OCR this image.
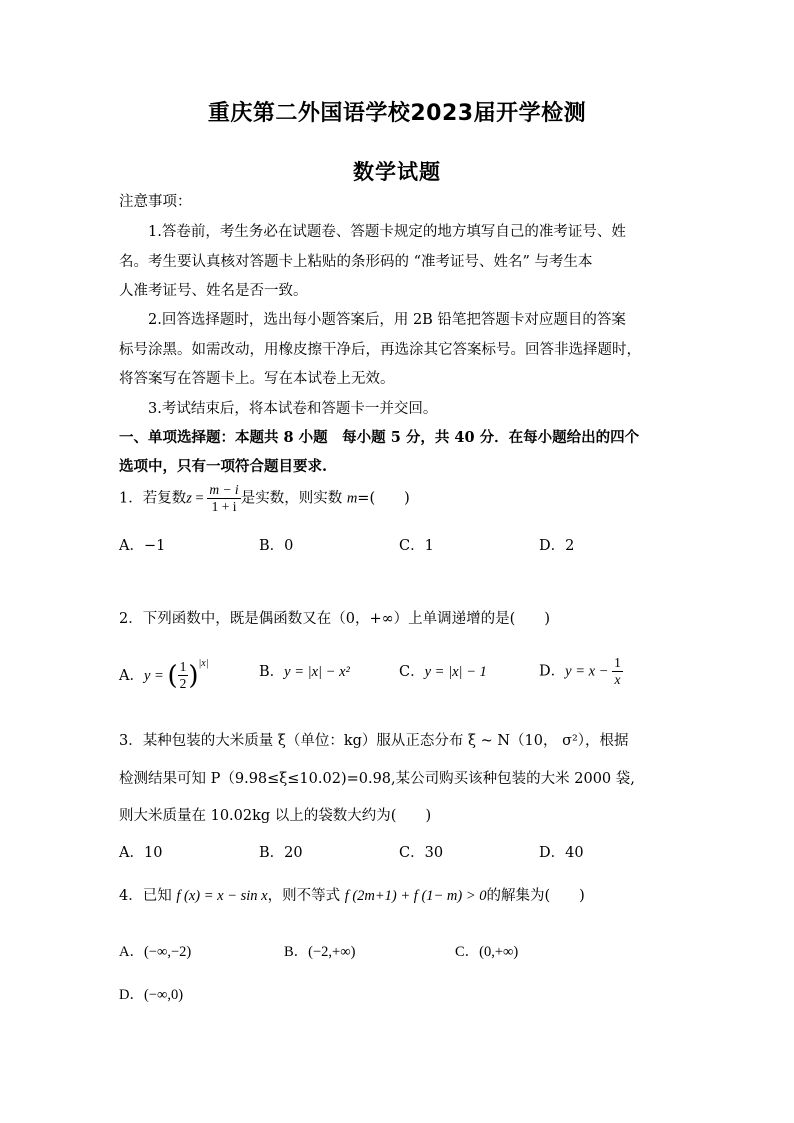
重庆第二外国语学校2023届开学检测
数学试题
注意事项：
1.答卷前，考生务必在试题卷、答题卡规定的地方填写自己的准考证号、姓
名。考生要认真核对答题卡上粘贴的条形码的 “准考证号、姓名” 与考生本
人准考证号、姓名是否一致。
2.回答选择题时，选出每小题答案后，用 2B 铅笔把答题卡对应题目的答案
标号涂黑。如需改动，用橡皮擦干净后，再选涂其它答案标号。回答非选择题时，
将答案写在答题卡上。写在本试卷上无效。
3.考试结束后，将本试卷和答题卡一并交回。
一、单项选择题：本题共 8 小题　每小题 5 分，共 40 分．在每小题给出的四个
选项中，只有一项符合题目要求.
1．若复数$z = \frac{m - i}{1 + i}$ 是实数，则实数 m=(　　)
A．−1	B．0	C．1	D．2
2．下列函数中，既是偶函数又在（0，+∞）上单调递增的是(　　)
A．y = ( $\frac{1}{2} )^{|x|}$
B．y = |x| − x²	C．y = |x| − 1	D．$y = x - \frac{1}{x}$
3．某种包装的大米质量 ξ（单位：kg）服从正态分布 ξ ~ N（10， σ²），根据
检测结果可知 P（9.98≤ξ≤10.02)=0.98,某公司购买该种包装的大米 2000 袋,
则大米质量在 10.02kg 以上的袋数大约为(　　)
A．10	B．20	C．30	D．40
4．已知 f (x) = x − sin x，则不等式 f (2m+1) + f (1− m) > 0的解集为(　　)
A．(−∞,−2)	B．(−2,+∞)	C．(0,+∞)
D．(−∞,0)
